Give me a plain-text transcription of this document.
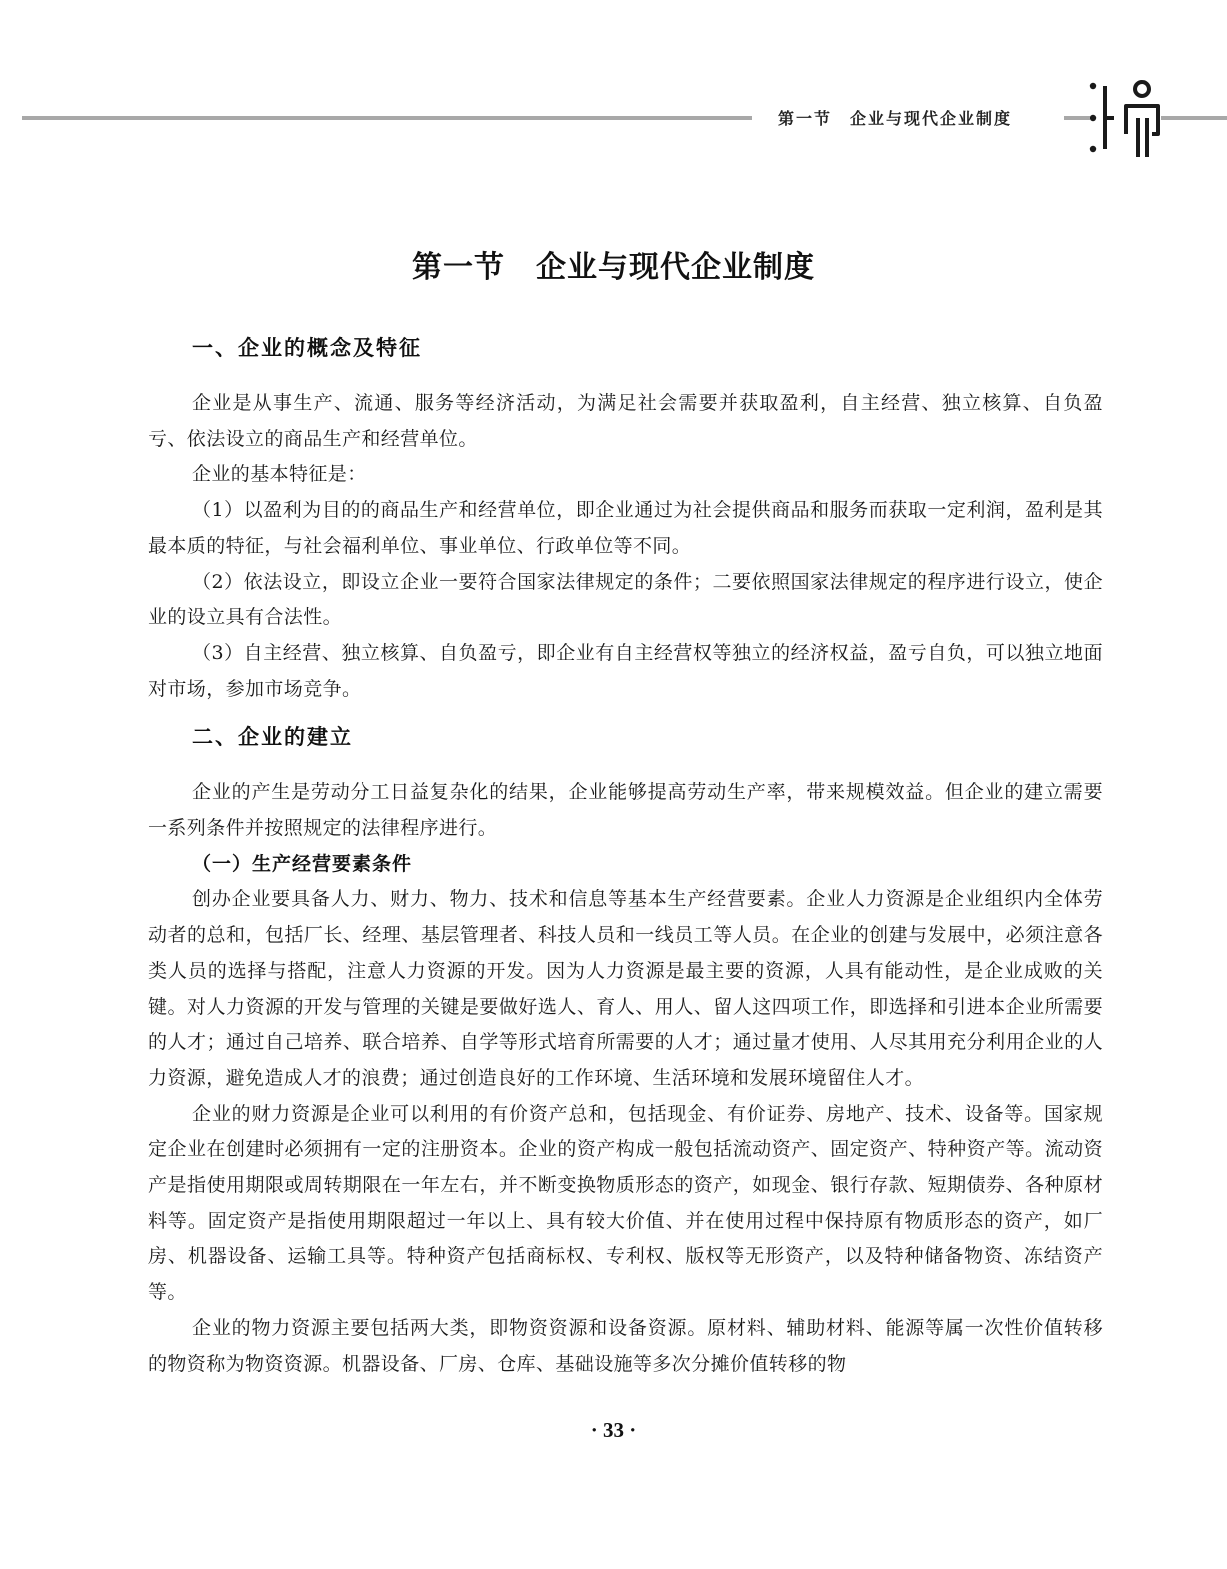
第一节　企业与现代企业制度
第一节　企业与现代企业制度
一、企业的概念及特征

企业是从事生产、流通、服务等经济活动，为满足社会需要并获取盈利，自主经营、独立核算、自负盈亏、依法设立的商品生产和经营单位。

企业的基本特征是：

（1）以盈利为目的的商品生产和经营单位，即企业通过为社会提供商品和服务而获取一定利润，盈利是其最本质的特征，与社会福利单位、事业单位、行政单位等不同。

（2）依法设立，即设立企业一要符合国家法律规定的条件；二要依照国家法律规定的程序进行设立，使企业的设立具有合法性。

（3）自主经营、独立核算、自负盈亏，即企业有自主经营权等独立的经济权益，盈亏自负，可以独立地面对市场，参加市场竞争。

二、企业的建立

企业的产生是劳动分工日益复杂化的结果，企业能够提高劳动生产率，带来规模效益。但企业的建立需要一系列条件并按照规定的法律程序进行。

（一）生产经营要素条件

创办企业要具备人力、财力、物力、技术和信息等基本生产经营要素。企业人力资源是企业组织内全体劳动者的总和，包括厂长、经理、基层管理者、科技人员和一线员工等人员。在企业的创建与发展中，必须注意各类人员的选择与搭配，注意人力资源的开发。因为人力资源是最主要的资源，人具有能动性，是企业成败的关键。对人力资源的开发与管理的关键是要做好选人、育人、用人、留人这四项工作，即选择和引进本企业所需要的人才；通过自己培养、联合培养、自学等形式培育所需要的人才；通过量才使用、人尽其用充分利用企业的人力资源，避免造成人才的浪费；通过创造良好的工作环境、生活环境和发展环境留住人才。

企业的财力资源是企业可以利用的有价资产总和，包括现金、有价证券、房地产、技术、设备等。国家规定企业在创建时必须拥有一定的注册资本。企业的资产构成一般包括流动资产、固定资产、特种资产等。流动资产是指使用期限或周转期限在一年左右，并不断变换物质形态的资产，如现金、银行存款、短期债券、各种原材料等。固定资产是指使用期限超过一年以上、具有较大价值、并在使用过程中保持原有物质形态的资产，如厂房、机器设备、运输工具等。特种资产包括商标权、专利权、版权等无形资产，以及特种储备物资、冻结资产等。

企业的物力资源主要包括两大类，即物资资源和设备资源。原材料、辅助材料、能源等属一次性价值转移的物资称为物资资源。机器设备、厂房、仓库、基础设施等多次分摊价值转移的物

· 33 ·
